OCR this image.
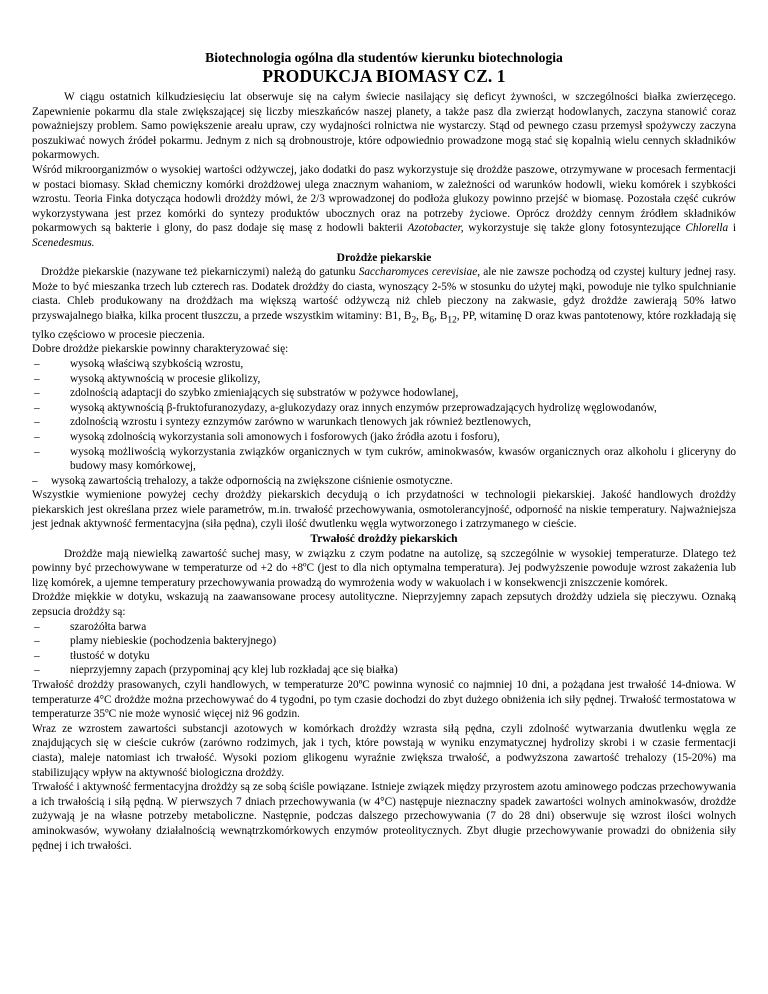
Biotechnologia ogólna dla studentów kierunku biotechnologia
PRODUKCJA BIOMASY CZ. 1

W ciągu ostatnich kilkudziesięciu lat obserwuje się na całym świecie nasilający się deficyt żywności, w szczególności białka zwierzęcego. Zapewnienie pokarmu dla stale zwiększającej się liczby mieszkańców naszej planety, a także pasz dla zwierząt hodowlanych, zaczyna stanowić coraz poważniejszy problem. Samo powiększenie areału upraw, czy wydajności rolnictwa nie wystarczy. Stąd od pewnego czasu przemysł spożywczy zaczyna poszukiwać nowych źródeł pokarmu. Jednym z nich są drobnoustroje, które odpowiednio prowadzone mogą stać się kopalnią wielu cennych składników pokarmowych.

Wśród mikroorganizmów o wysokiej wartości odżywczej, jako dodatki do pasz wykorzystuje się drożdże paszowe, otrzymywane w procesach fermentacji w postaci biomasy. Skład chemiczny komórki drożdżowej ulega znacznym wahaniom, w zależności od warunków hodowli, wieku komórek i szybkości wzrostu. Teoria Finka dotycząca hodowli drożdży mówi, że 2/3 wprowadzonej do podłoża glukozy powinno przejść w biomasę. Pozostała część cukrów wykorzystywana jest przez komórki do syntezy produktów ubocznych oraz na potrzeby życiowe. Oprócz drożdży cennym źródłem składników pokarmowych są bakterie i glony, do pasz dodaje się masę z hodowli bakterii Azotobacter, wykorzystuje się także glony fotosyntezujące Chlorella i Scenedesmus.

Drożdże piekarskie

Drożdże piekarskie (nazywane też piekarniczymi) należą do gatunku Saccharomyces cerevisiae, ale nie zawsze pochodzą od czystej kultury jednej rasy. Może to być mieszanka trzech lub czterech ras. Dodatek drożdży do ciasta, wynoszący 2-5% w stosunku do użytej mąki, powoduje nie tylko spulchnianie ciasta. Chleb produkowany na drożdżach ma większą wartość odżywczą niż chleb pieczony na zakwasie, gdyż drożdże zawierają 50% łatwo przyswajalnego białka, kilka procent tłuszczu, a przede wszystkim witaminy: B1, $B_2$, $B_6$, $B_{12}$, PP, witaminę D oraz kwas pantotenowy, które rozkładają się tylko częściowo w procesie pieczenia.

Dobre drożdże piekarskie powinny charakteryzować się:

– wysoką właściwą szybkością wzrostu,
– wysoką aktywnością w procesie glikolizy,
– zdolnością adaptacji do szybko zmieniających się substratów w pożywce hodowlanej,
– wysoką aktywnością β-fruktofuranozydazy, a-glukozydazy oraz innych enzymów przeprowadzających hydrolizę węglowodanów,
– zdolnością wzrostu i syntezy eznzymów zarówno w warunkach tlenowych jak również beztlenowych,
– wysoką zdolnością wykorzystania soli amonowych i fosforowych (jako źródła azotu i fosforu),
– wysoką możliwością wykorzystania związków organicznych w tym cukrów, aminokwasów, kwasów organicznych oraz alkoholu i gliceryny do budowy masy komórkowej,
– wysoką zawartością trehalozy, a także odpornością na zwiększone ciśnienie osmotyczne.

Wszystkie wymienione powyżej cechy drożdży piekarskich decydują o ich przydatności w technologii piekarskiej. Jakość handlowych drożdży piekarskich jest określana przez wiele parametrów, m.in. trwałość przechowywania, osmotolerancyjność, odporność na niskie temperatury. Najważniejsza jest jednak aktywność fermentacyjna (siła pędna), czyli ilość dwutlenku węgla wytworzonego i zatrzymanego w cieście.

Trwałość drożdży piekarskich

Drożdże mają niewielką zawartość suchej masy, w związku z czym podatne na autolizę, są szczególnie w wysokiej temperaturze. Dlatego też powinny być przechowywane w temperaturze od +2 do +8ºC (jest to dla nich optymalna temperatura). Jej podwyższenie powoduje wzrost zakażenia lub lizę komórek, a ujemne temperatury przechowywania prowadzą do wymrożenia wody w wakuolach i w konsekwencji zniszczenie komórek.

Drożdże miękkie w dotyku, wskazują na zaawansowane procesy autolityczne. Nieprzyjemny zapach zepsutych drożdży udziela się pieczywu. Oznaką zepsucia drożdży są:

– szarożółta barwa
– plamy niebieskie (pochodzenia bakteryjnego)
– tłustość w dotyku
– nieprzyjemny zapach (przypominaj ący klej lub rozkładaj ące się białka)

Trwałość drożdży prasowanych, czyli handlowych, w temperaturze 20ºC powinna wynosić co najmniej 10 dni, a pożądana jest trwałość 14-dniowa. W temperaturze 4°C drożdże można przechowywać do 4 tygodni, po tym czasie dochodzi do zbyt dużego obniżenia ich siły pędnej. Trwałość termostatowa w temperaturze 35ºC nie może wynosić więcej niż 96 godzin.

Wraz ze wzrostem zawartości substancji azotowych w komórkach drożdży wzrasta siłą pędna, czyli zdolność wytwarzania dwutlenku węgla ze znajdujących się w cieście cukrów (zarówno rodzimych, jak i tych, które powstają w wyniku enzymatycznej hydrolizy skrobi i w czasie fermentacji ciasta), maleje natomiast ich trwałość. Wysoki poziom glikogenu wyraźnie zwiększa trwałość, a podwyższona zawartość trehalozy (15-20%) ma stabilizujący wpływ na aktywność biologiczna drożdży.

Trwałość i aktywność fermentacyjna drożdży są ze sobą ściśle powiązane. Istnieje związek między przyrostem azotu aminowego podczas przechowywania a ich trwałością i siłą pędną. W pierwszych 7 dniach przechowywania (w 4°C) następuje nieznaczny spadek zawartości wolnych aminokwasów, drożdże zużywają je na własne potrzeby metaboliczne. Następnie, podczas dalszego przechowywania (7 do 28 dni) obserwuje się wzrost ilości wolnych aminokwasów, wywołany działalnością wewnątrzkomórkowych enzymów proteolitycznych. Zbyt długie przechowywanie prowadzi do obniżenia siły pędnej i ich trwałości.
